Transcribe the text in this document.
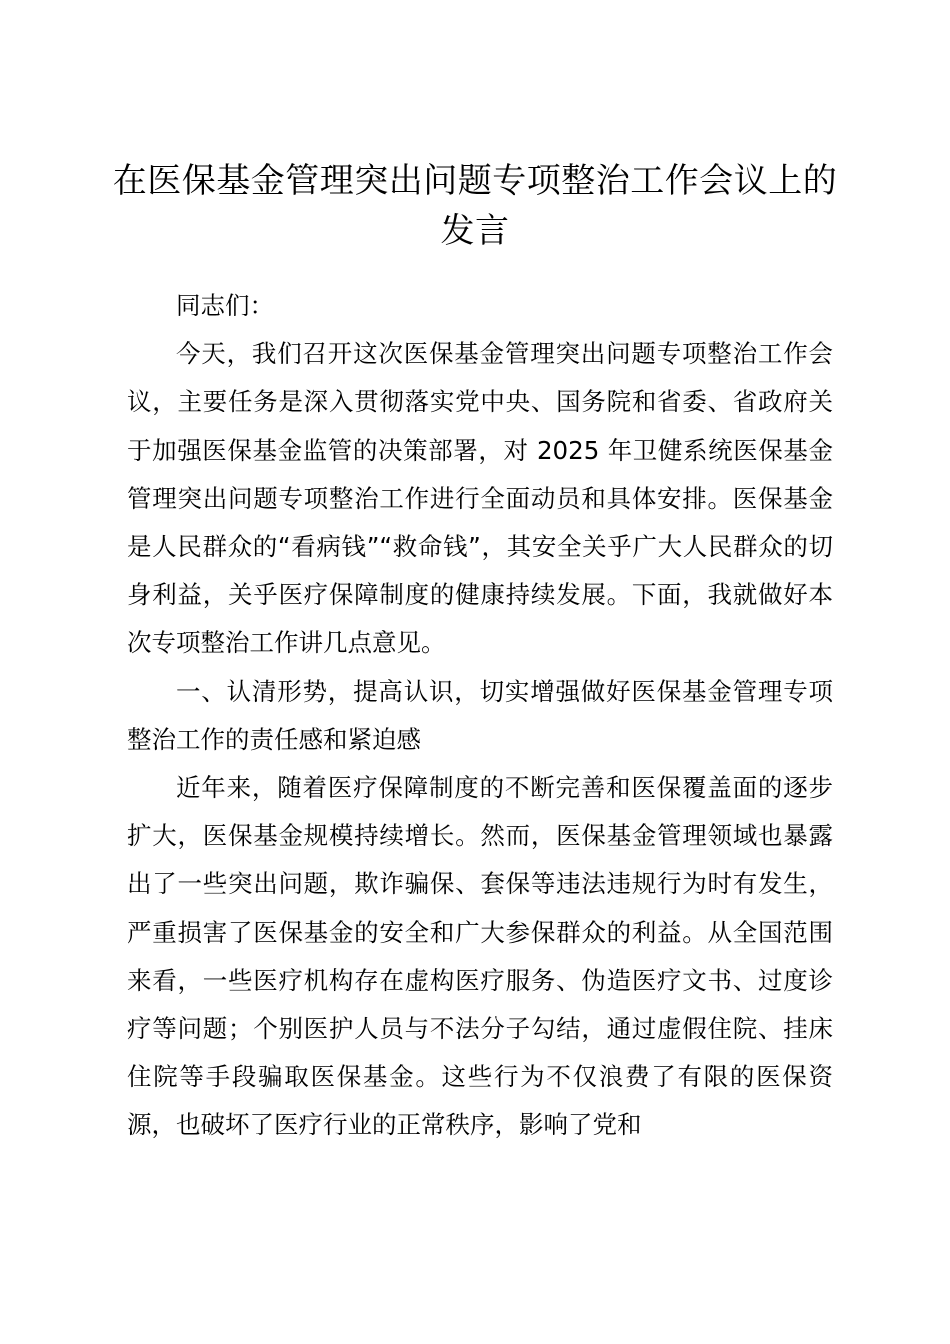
在医保基金管理突出问题专项整治工作会议上的发言

同志们：

今天，我们召开这次医保基金管理突出问题专项整治工作会议，主要任务是深入贯彻落实党中央、国务院和省委、省政府关于加强医保基金监管的决策部署，对 2025 年卫健系统医保基金管理突出问题专项整治工作进行全面动员和具体安排。医保基金是人民群众的“看病钱”“救命钱”，其安全关乎广大人民群众的切身利益，关乎医疗保障制度的健康持续发展。下面，我就做好本次专项整治工作讲几点意见。

一、认清形势，提高认识，切实增强做好医保基金管理专项整治工作的责任感和紧迫感

近年来，随着医疗保障制度的不断完善和医保覆盖面的逐步扩大，医保基金规模持续增长。然而，医保基金管理领域也暴露出了一些突出问题，欺诈骗保、套保等违法违规行为时有发生，严重损害了医保基金的安全和广大参保群众的利益。从全国范围来看，一些医疗机构存在虚构医疗服务、伪造医疗文书、过度诊疗等问题；个别医护人员与不法分子勾结，通过虚假住院、挂床住院等手段骗取医保基金。这些行为不仅浪费了有限的医保资源，也破坏了医疗行业的正常秩序，影响了党和
